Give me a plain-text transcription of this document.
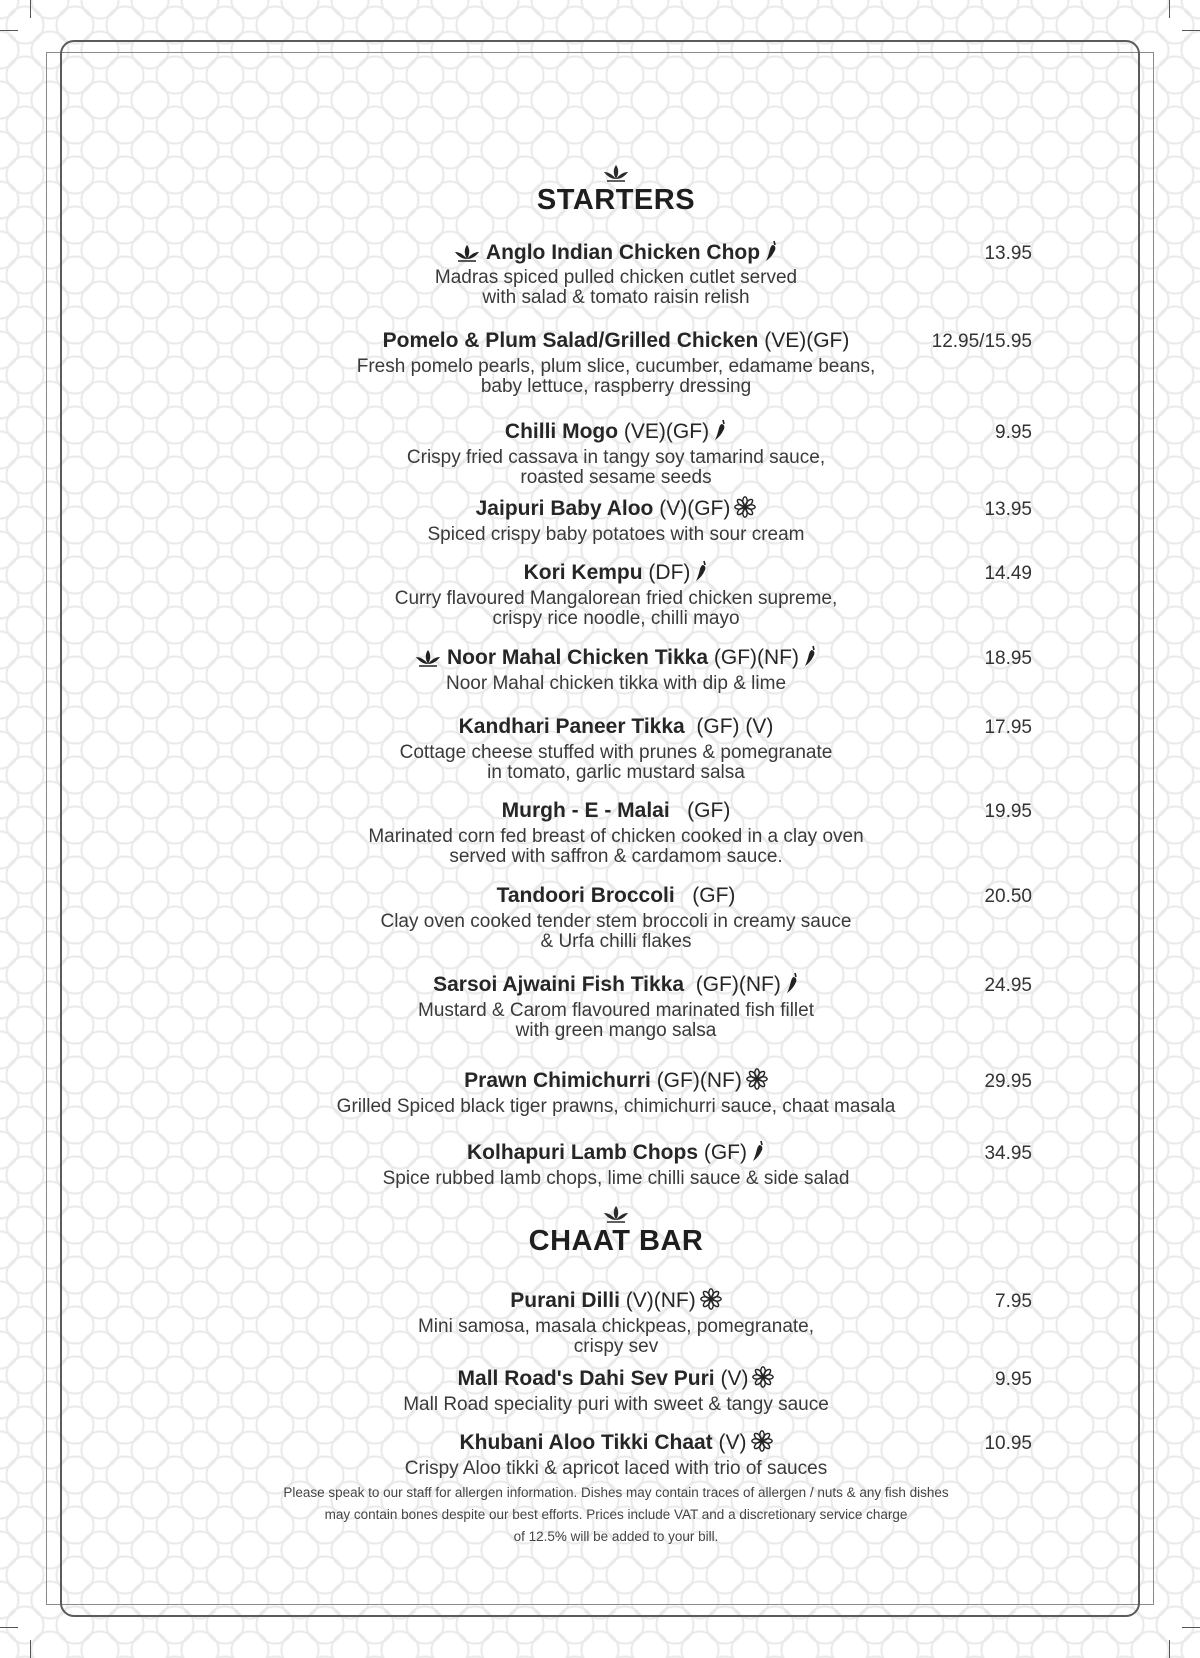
STARTERS
CHAAT BAR
Anglo Indian Chicken Chop
Madras spiced pulled chicken cutlet served
with salad & tomato raisin relish
13.95
Pomelo & Plum Salad/Grilled Chicken (VE)(GF)
Fresh pomelo pearls, plum slice, cucumber, edamame beans,
baby lettuce, raspberry dressing
12.95/15.95
Chilli Mogo (VE)(GF)
Crispy fried cassava in tangy soy tamarind sauce,
roasted sesame seeds
9.95
Jaipuri Baby Aloo (V)(GF)
Spiced crispy baby potatoes with sour cream
13.95
Kori Kempu (DF)
Curry flavoured Mangalorean fried chicken supreme,
crispy rice noodle, chilli mayo
14.49
Noor Mahal Chicken Tikka (GF)(NF)
Noor Mahal chicken tikka with dip & lime
18.95
Kandhari Paneer Tikka  (GF) (V)
Cottage cheese stuffed with prunes & pomegranate
in tomato, garlic mustard salsa
17.95
Murgh - E - Malai   (GF)
Marinated corn fed breast of chicken cooked in a clay oven
served with saffron & cardamom sauce.
19.95
Tandoori Broccoli   (GF)
Clay oven cooked tender stem broccoli in creamy sauce
& Urfa chilli flakes
20.50
Sarsoi Ajwaini Fish Tikka  (GF)(NF)
Mustard & Carom flavoured marinated fish fillet
with green mango salsa
24.95
Prawn Chimichurri (GF)(NF)
Grilled Spiced black tiger prawns, chimichurri sauce, chaat masala
29.95
Kolhapuri Lamb Chops (GF)
Spice rubbed lamb chops, lime chilli sauce & side salad
34.95
Purani Dilli (V)(NF)
Mini samosa, masala chickpeas, pomegranate,
crispy sev
7.95
Mall Road's Dahi Sev Puri (V)
Mall Road speciality puri with sweet & tangy sauce
9.95
Khubani Aloo Tikki Chaat (V)
Crispy Aloo tikki & apricot laced with trio of sauces
10.95
Please speak to our staff for allergen information. Dishes may contain traces of allergen / nuts & any fish dishes
may contain bones despite our best efforts. Prices include VAT and a discretionary service charge
of 12.5% will be added to your bill.
